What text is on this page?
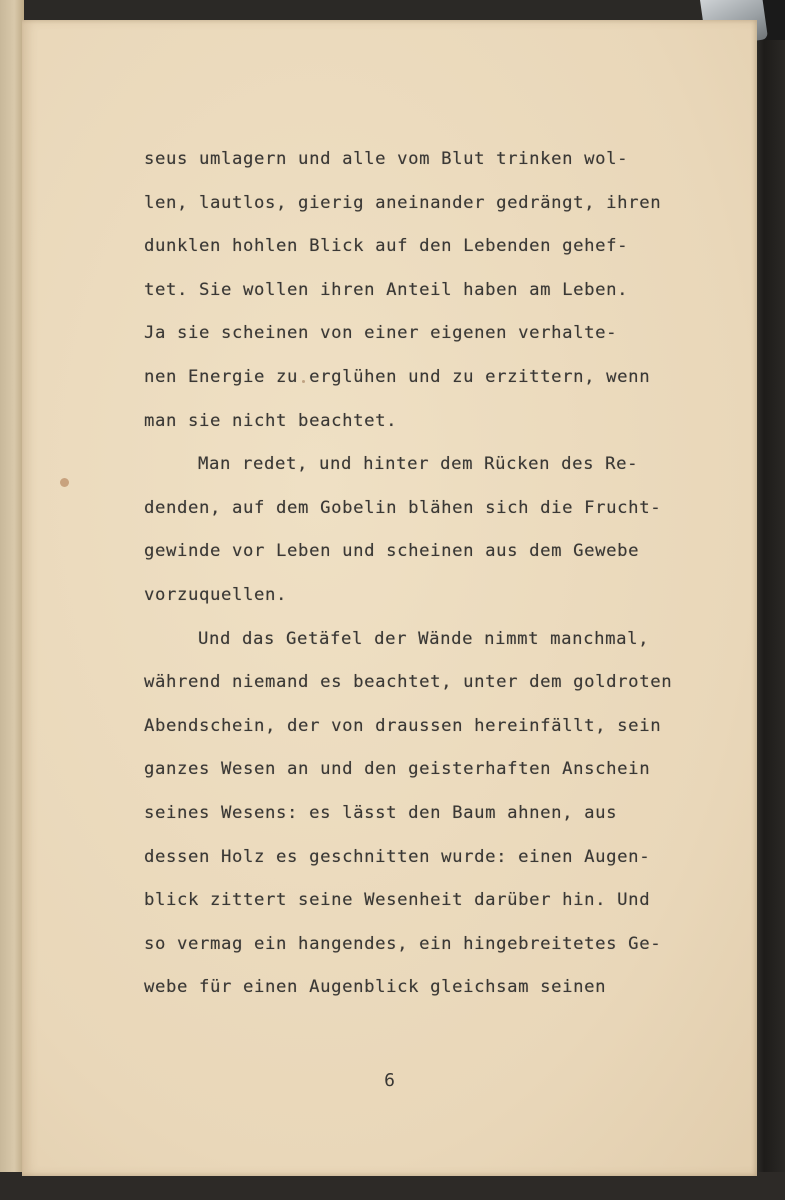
seus umlagern und alle vom Blut trinken wol-
len, lautlos, gierig aneinander gedrängt, ihren
dunklen hohlen Blick auf den Lebenden gehef-
tet. Sie wollen ihren Anteil haben am Leben.
Ja sie scheinen von einer eigenen verhalte-
nen Energie zu erglühen und zu erzittern, wenn
man sie nicht beachtet.
Man redet, und hinter dem Rücken des Re-
denden, auf dem Gobelin blähen sich die Frucht-
gewinde vor Leben und scheinen aus dem Gewebe
vorzuquellen.
Und das Getäfel der Wände nimmt manchmal,
während niemand es beachtet, unter dem goldroten
Abendschein, der von draussen hereinfällt, sein
ganzes Wesen an und den geisterhaften Anschein
seines Wesens: es lässt den Baum ahnen, aus
dessen Holz es geschnitten wurde: einen Augen-
blick zittert seine Wesenheit darüber hin. Und
so vermag ein hangendes, ein hingebreitetes Ge-
webe für einen Augenblick gleichsam seinen
6
